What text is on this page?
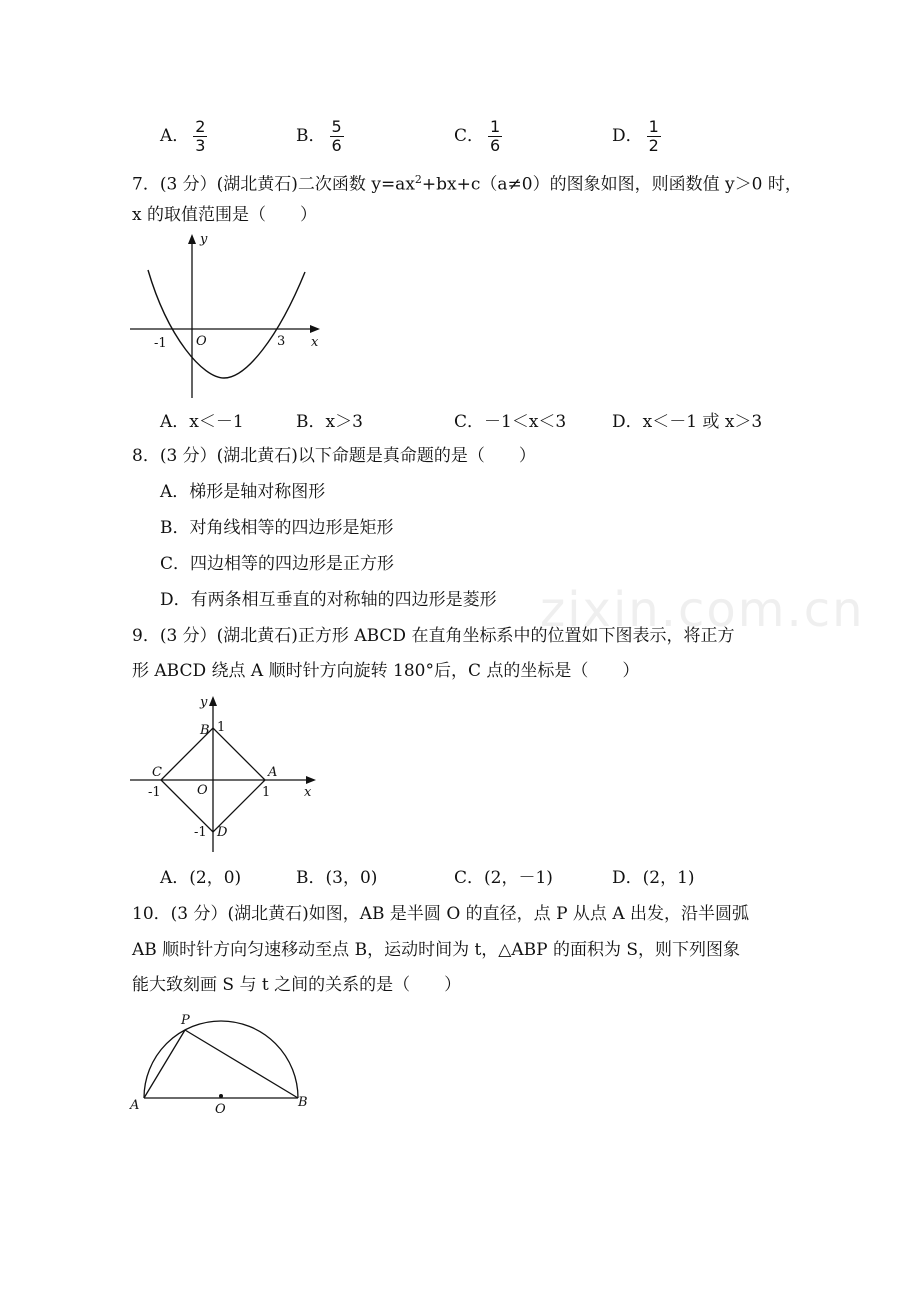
zixin.com.cn
A． $\frac{2}{3}$	B． $\frac{5}{6}$	C． $\frac{1}{6}$	D． $\frac{1}{2}$
7．(3 分）(湖北黄石)二次函数 $y=ax^2+bx+c(a\ne 0)$的图象如图，则函数值 y＞0 时，
x 的取值范围是（　　）
y
x
O
-1	3
A．x＜－1	B．x＞3	C．－1＜x＜3	D．x＜－1 或 x＞3
8．(3 分）(湖北黄石)以下命题是真命题的是（　　）
A．梯形是轴对称图形
B．对角线相等的四边形是矩形
C．四边相等的四边形是正方形
D．有两条相互垂直的对称轴的四边形是菱形
9．(3 分）(湖北黄石)正方形 ABCD 在直角坐标系中的位置如下图表示，将正方
形 ABCD 绕点 A 顺时针方向旋转 180°后，C 点的坐标是（　　）
y
x
B 1
C	A
O
-1	1
-1 D
A．(2，0)	B．(3，0)	C．(2，－1)	D．(2，1)
10．(3 分）(湖北黄石)如图，AB 是半圆 O 的直径，点 P 从点 A 出发，沿半圆弧
AB 顺时针方向匀速移动至点 B，运动时间为 t，△ABP 的面积为 S，则下列图象
能大致刻画 S 与 t 之间的关系的是（　　）
P
A	O	B
